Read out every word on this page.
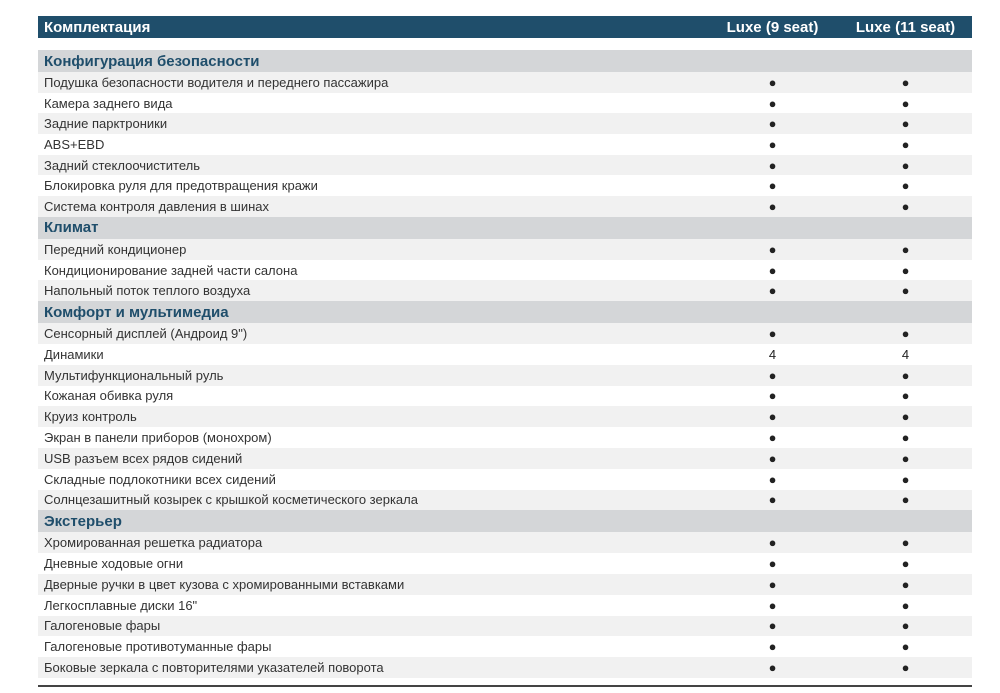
Комплектация	Luxe (9 seat)	Luxe (11 seat)
Конфигурация безопасности
Подушка безопасности водителя и переднего пассажира	●	●
Камера заднего вида	●	●
Задние парктроники	●	●
ABS+EBD	●	●
Задний стеклоочиститель	●	●
Блокировка руля для предотвращения кражи	●	●
Система контроля давления в шинах	●	●
Климат
Передний кондиционер	●	●
Кондиционирование задней части салона	●	●
Напольный поток теплого воздуха	●	●
Комфорт и мультимедиа
Сенсорный дисплей (Андроид 9")	●	●
Динамики	4	4
Мультифункциональный руль	●	●
Кожаная обивка руля	●	●
Круиз контроль	●	●
Экран в панели приборов (монохром)	●	●
USB разъем всех рядов сидений	●	●
Складные подлокотники всех сидений	●	●
Солнцезашитный козырек с крышкой косметического зеркала	●	●
Экстерьер
Хромированная решетка радиатора	●	●
Дневные ходовые огни	●	●
Дверные ручки в цвет кузова с хромированными вставками	●	●
Легкосплавные диски 16"	●	●
Галогеновые фары	●	●
Галогеновые противотуманные фары	●	●
Боковые зеркала с повторителями указателей поворота	●	●
